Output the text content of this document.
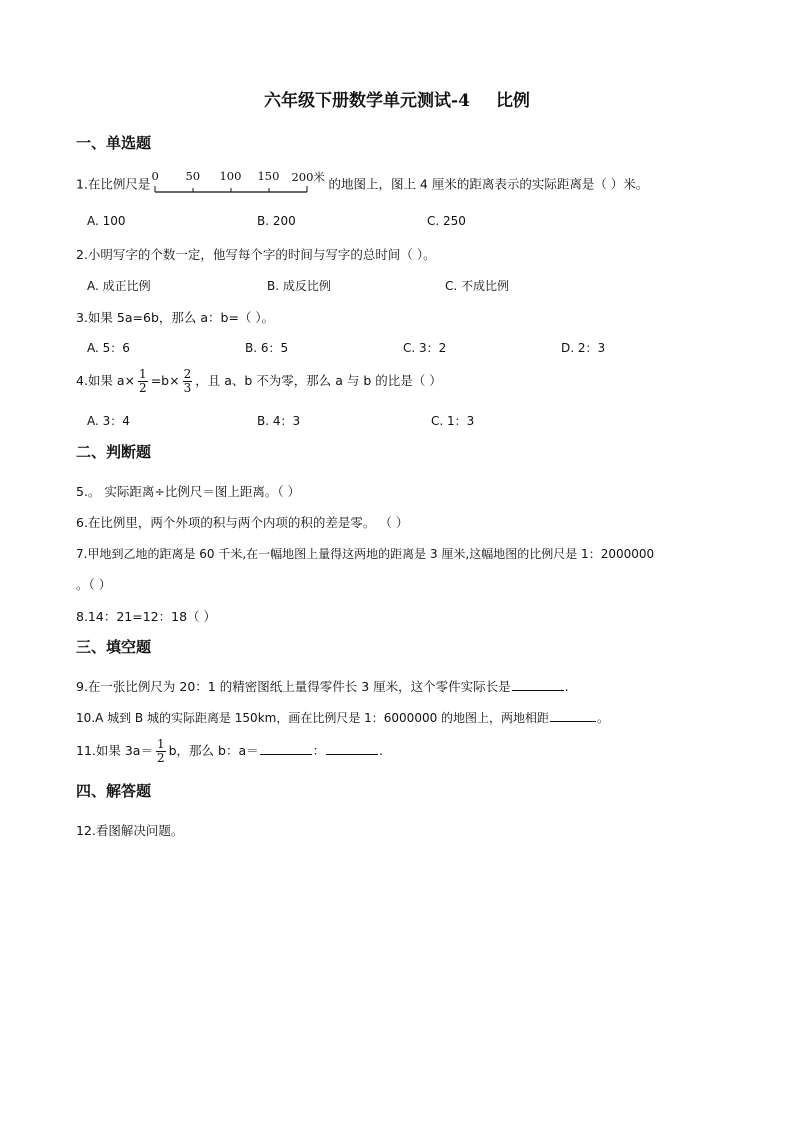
六年级下册数学单元测试-4 比例
一、单选题
1.在比例尺是
0 50 100 150 200米 的地图上，图上 4 厘米的距离表示的实际距离是（ ）米。
A. 100	B. 200	C. 250
2.小明写字的个数一定，他写每个字的时间与写字的总时间（ ）。
A. 成正比例	B. 成反比例	C. 不成比例
3.如果 5a=6b，那么 a：b=（ ）。
A. 5：6	B. 6：5	C. 3：2	D. 2：3
4.如果 $a\times \frac{1}{2} =b\times \frac{2}{3}$ ，且 a、b 不为零，那么 a 与 b 的比是（ ）
A. 3：4	B. 4：3	C. 1：3
二、判断题
5.。 实际距离÷比例尺＝图上距离。（ ）
6.在比例里，两个外项的积与两个内项的积的差是零。 （ ）
7.甲地到乙地的距离是 60 千米,在一幅地图上量得这两地的距离是 3 厘米,这幅地图的比例尺是 1：2000000
。（ ）
8.14：21=12：18（ ）
三、填空题
9.在一张比例尺为 20：1 的精密图纸上量得零件长 3 厘米，这个零件实际长是	.
10.A 城到 B 城的实际距离是 150km，画在比例尺是 1：6000000 的地图上，两地相距	。
11.如果 $3a= \frac{1}{2}$ b，那么 b：a＝	：	.
四、解答题
12.看图解决问题。
